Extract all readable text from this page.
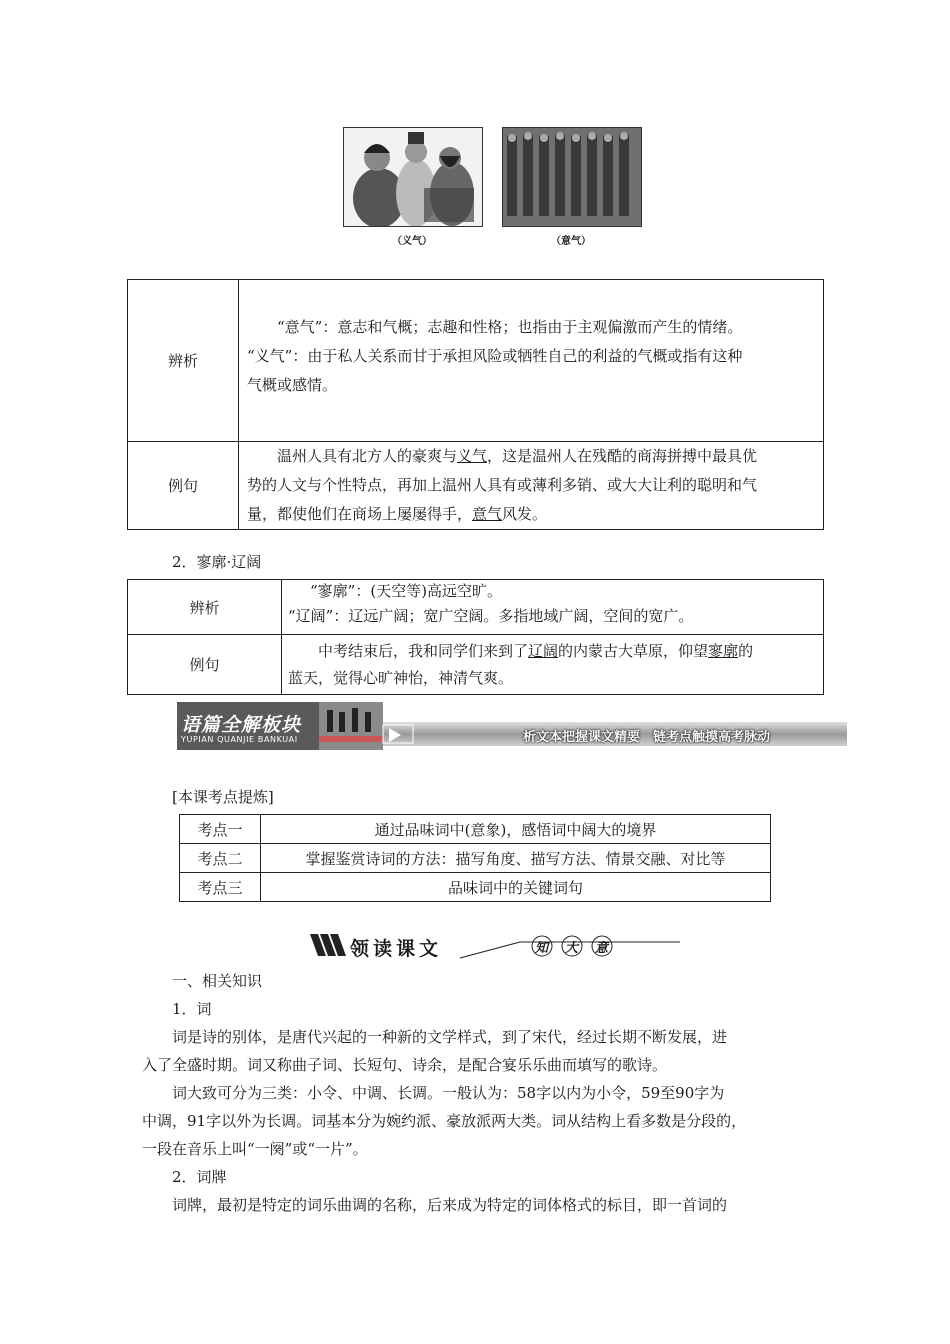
（义气）	（意气）
辨析	“意气”：意志和气概；志趣和性格；也指由于主观偏激而产生的情绪。
“义气”：由于私人关系而甘于承担风险或牺牲自己的利益的气概或指有这种
气概或感情。

例句	温州人具有北方人的豪爽与义气，这是温州人在残酷的商海拼搏中最具优
势的人文与个性特点，再加上温州人具有或薄利多销、或大大让利的聪明和气
量，都使他们在商场上屡屡得手，意气风发。
2．寥廓·辽阔
辨析	“寥廓”：(天空等)高远空旷。
“辽阔”：辽远广阔；宽广空阔。多指地域广阔，空间的宽广。

例句	中考结束后，我和同学们来到了辽阔的内蒙古大草原，仰望寥廓的
蓝天，觉得心旷神怡，神清气爽。
语篇全解板块
YUPIAN QUANJIE BANKUAI	析文本把握课文精要　链考点触摸高考脉动
[本课考点提炼]
考点一	通过品味词中(意象)，感悟词中阔大的境界
考点二	掌握鉴赏诗词的方法：描写角度、描写方法、情景交融、对比等
考点三	品味词中的关键词句
领读课文	知 大 意
一、相关知识
1．词
词是诗的别体，是唐代兴起的一种新的文学样式，到了宋代，经过长期不断发展，进
入了全盛时期。词又称曲子词、长短句、诗余，是配合宴乐乐曲而填写的歌诗。
词大致可分为三类：小令、中调、长调。一般认为：58字以内为小令，59至90字为
中调，91字以外为长调。词基本分为婉约派、豪放派两大类。词从结构上看多数是分段的，
一段在音乐上叫“一阕”或“一片”。
2．词牌
词牌，最初是特定的词乐曲调的名称，后来成为特定的词体格式的标目，即一首词的
